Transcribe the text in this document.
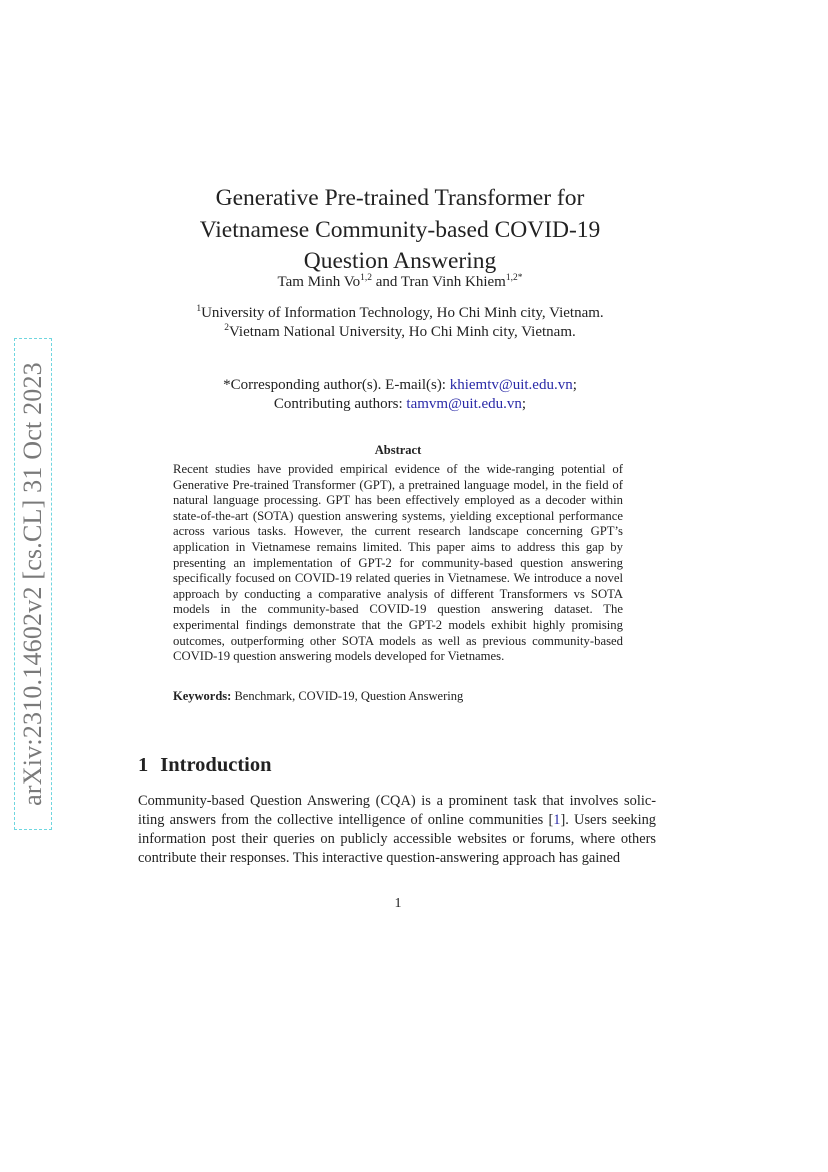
arXiv:2310.14602v2 [cs.CL] 31 Oct 2023
Generative Pre-trained Transformer for
Vietnamese Community-based COVID-19
Question Answering
Tam Minh Vo$^{1,2}$ and Tran Vinh Khiem$^{1,2*}$
$^1$University of Information Technology, Ho Chi Minh city, Vietnam.
$^2$Vietnam National University, Ho Chi Minh city, Vietnam.
*Corresponding author(s). E-mail(s): khiemtv@uit.edu.vn;
Contributing authors: tamvm@uit.edu.vn;
Abstract
Recent studies have provided empirical evidence of the wide-ranging potential of Generative Pre-trained Transformer (GPT), a pretrained language model, in the field of natural language processing. GPT has been effectively employed as a decoder within state-of-the-art (SOTA) question answering systems, yielding exceptional performance across various tasks. However, the current research landscape concerning GPT’s application in Vietnamese remains limited. This paper aims to address this gap by presenting an implementation of GPT-2 for community-based question answering specifically focused on COVID-19 related queries in Vietnamese. We introduce a novel approach by conducting a comparative analysis of different Transformers vs SOTA models in the community-based COVID-19 question answering dataset. The experimental findings demonstrate that the GPT-2 models exhibit highly promising outcomes, outperforming other SOTA models as well as previous community-based COVID-19 question answering models developed for Vietnames.
Keywords: Benchmark, COVID-19, Question Answering
1 Introduction
Community-based Question Answering (CQA) is a prominent task that involves solic-
iting answers from the collective intelligence of online communities [1]. Users seeking
information post their queries on publicly accessible websites or forums, where others
contribute their responses. This interactive question-answering approach has gained
1
